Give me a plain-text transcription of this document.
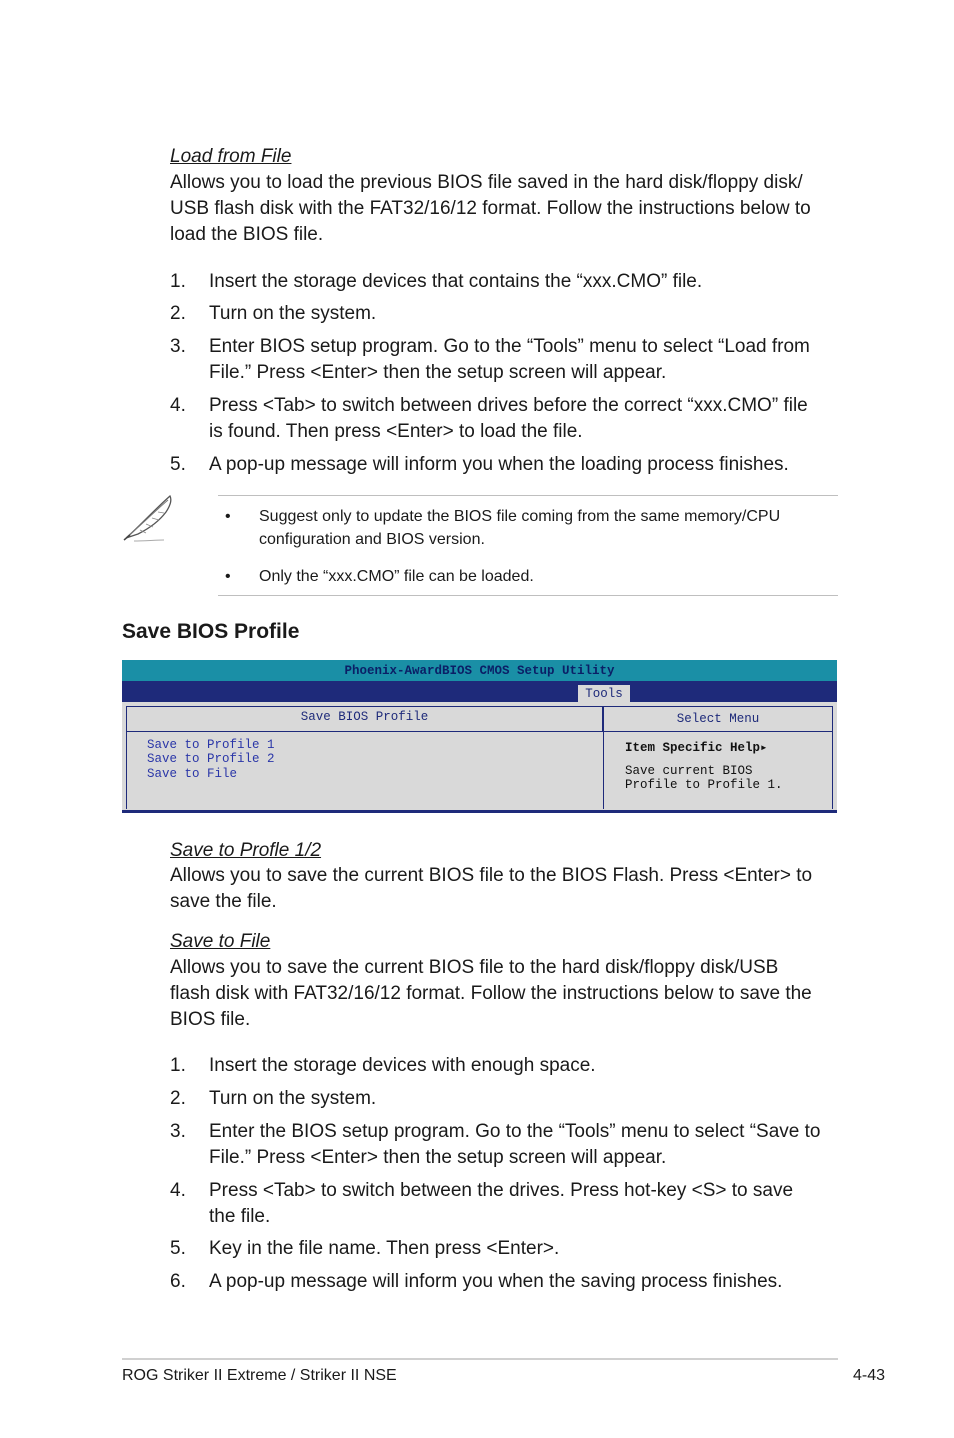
Load from File
Allows you to load the previous BIOS file saved in the hard disk/floppy disk/
USB flash disk with the FAT32/16/12 format. Follow the instructions below to
load the BIOS file.
1. Insert the storage devices that contains the “xxx.CMO” file.
2. Turn on the system.
3. Enter BIOS setup program. Go to the “Tools” menu to select “Load from
File.” Press <Enter> then the setup screen will appear.
4. Press <Tab> to switch between drives before the correct “xxx.CMO” file
is found. Then press <Enter> to load the file.
5. A pop-up message will inform you when the loading process finishes.
• Suggest only to update the BIOS file coming from the same memory/CPU
configuration and BIOS version.
• Only the “xxx.CMO” file can be loaded.
Save BIOS Profile
Phoenix-AwardBIOS CMOS Setup Utility
Tools
Save BIOS Profile	Select Menu
Save to Profile 1
Save to Profile 2
Save to File
Item Specific Help▸
Save current BIOS
Profile to Profile 1.
Save to Profle 1/2
Allows you to save the current BIOS file to the BIOS Flash. Press <Enter> to
save the file.
Save to File
Allows you to save the current BIOS file to the hard disk/floppy disk/USB
flash disk with FAT32/16/12 format. Follow the instructions below to save the
BIOS file.
1. Insert the storage devices with enough space.
2. Turn on the system.
3. Enter the BIOS setup program. Go to the “Tools” menu to select “Save to
File.” Press <Enter> then the setup screen will appear.
4. Press <Tab> to switch between the drives. Press hot-key <S> to save
the file.
5. Key in the file name. Then press <Enter>.
6. A pop-up message will inform you when the saving process finishes.
ROG Striker II Extreme / Striker II NSE	4-43
